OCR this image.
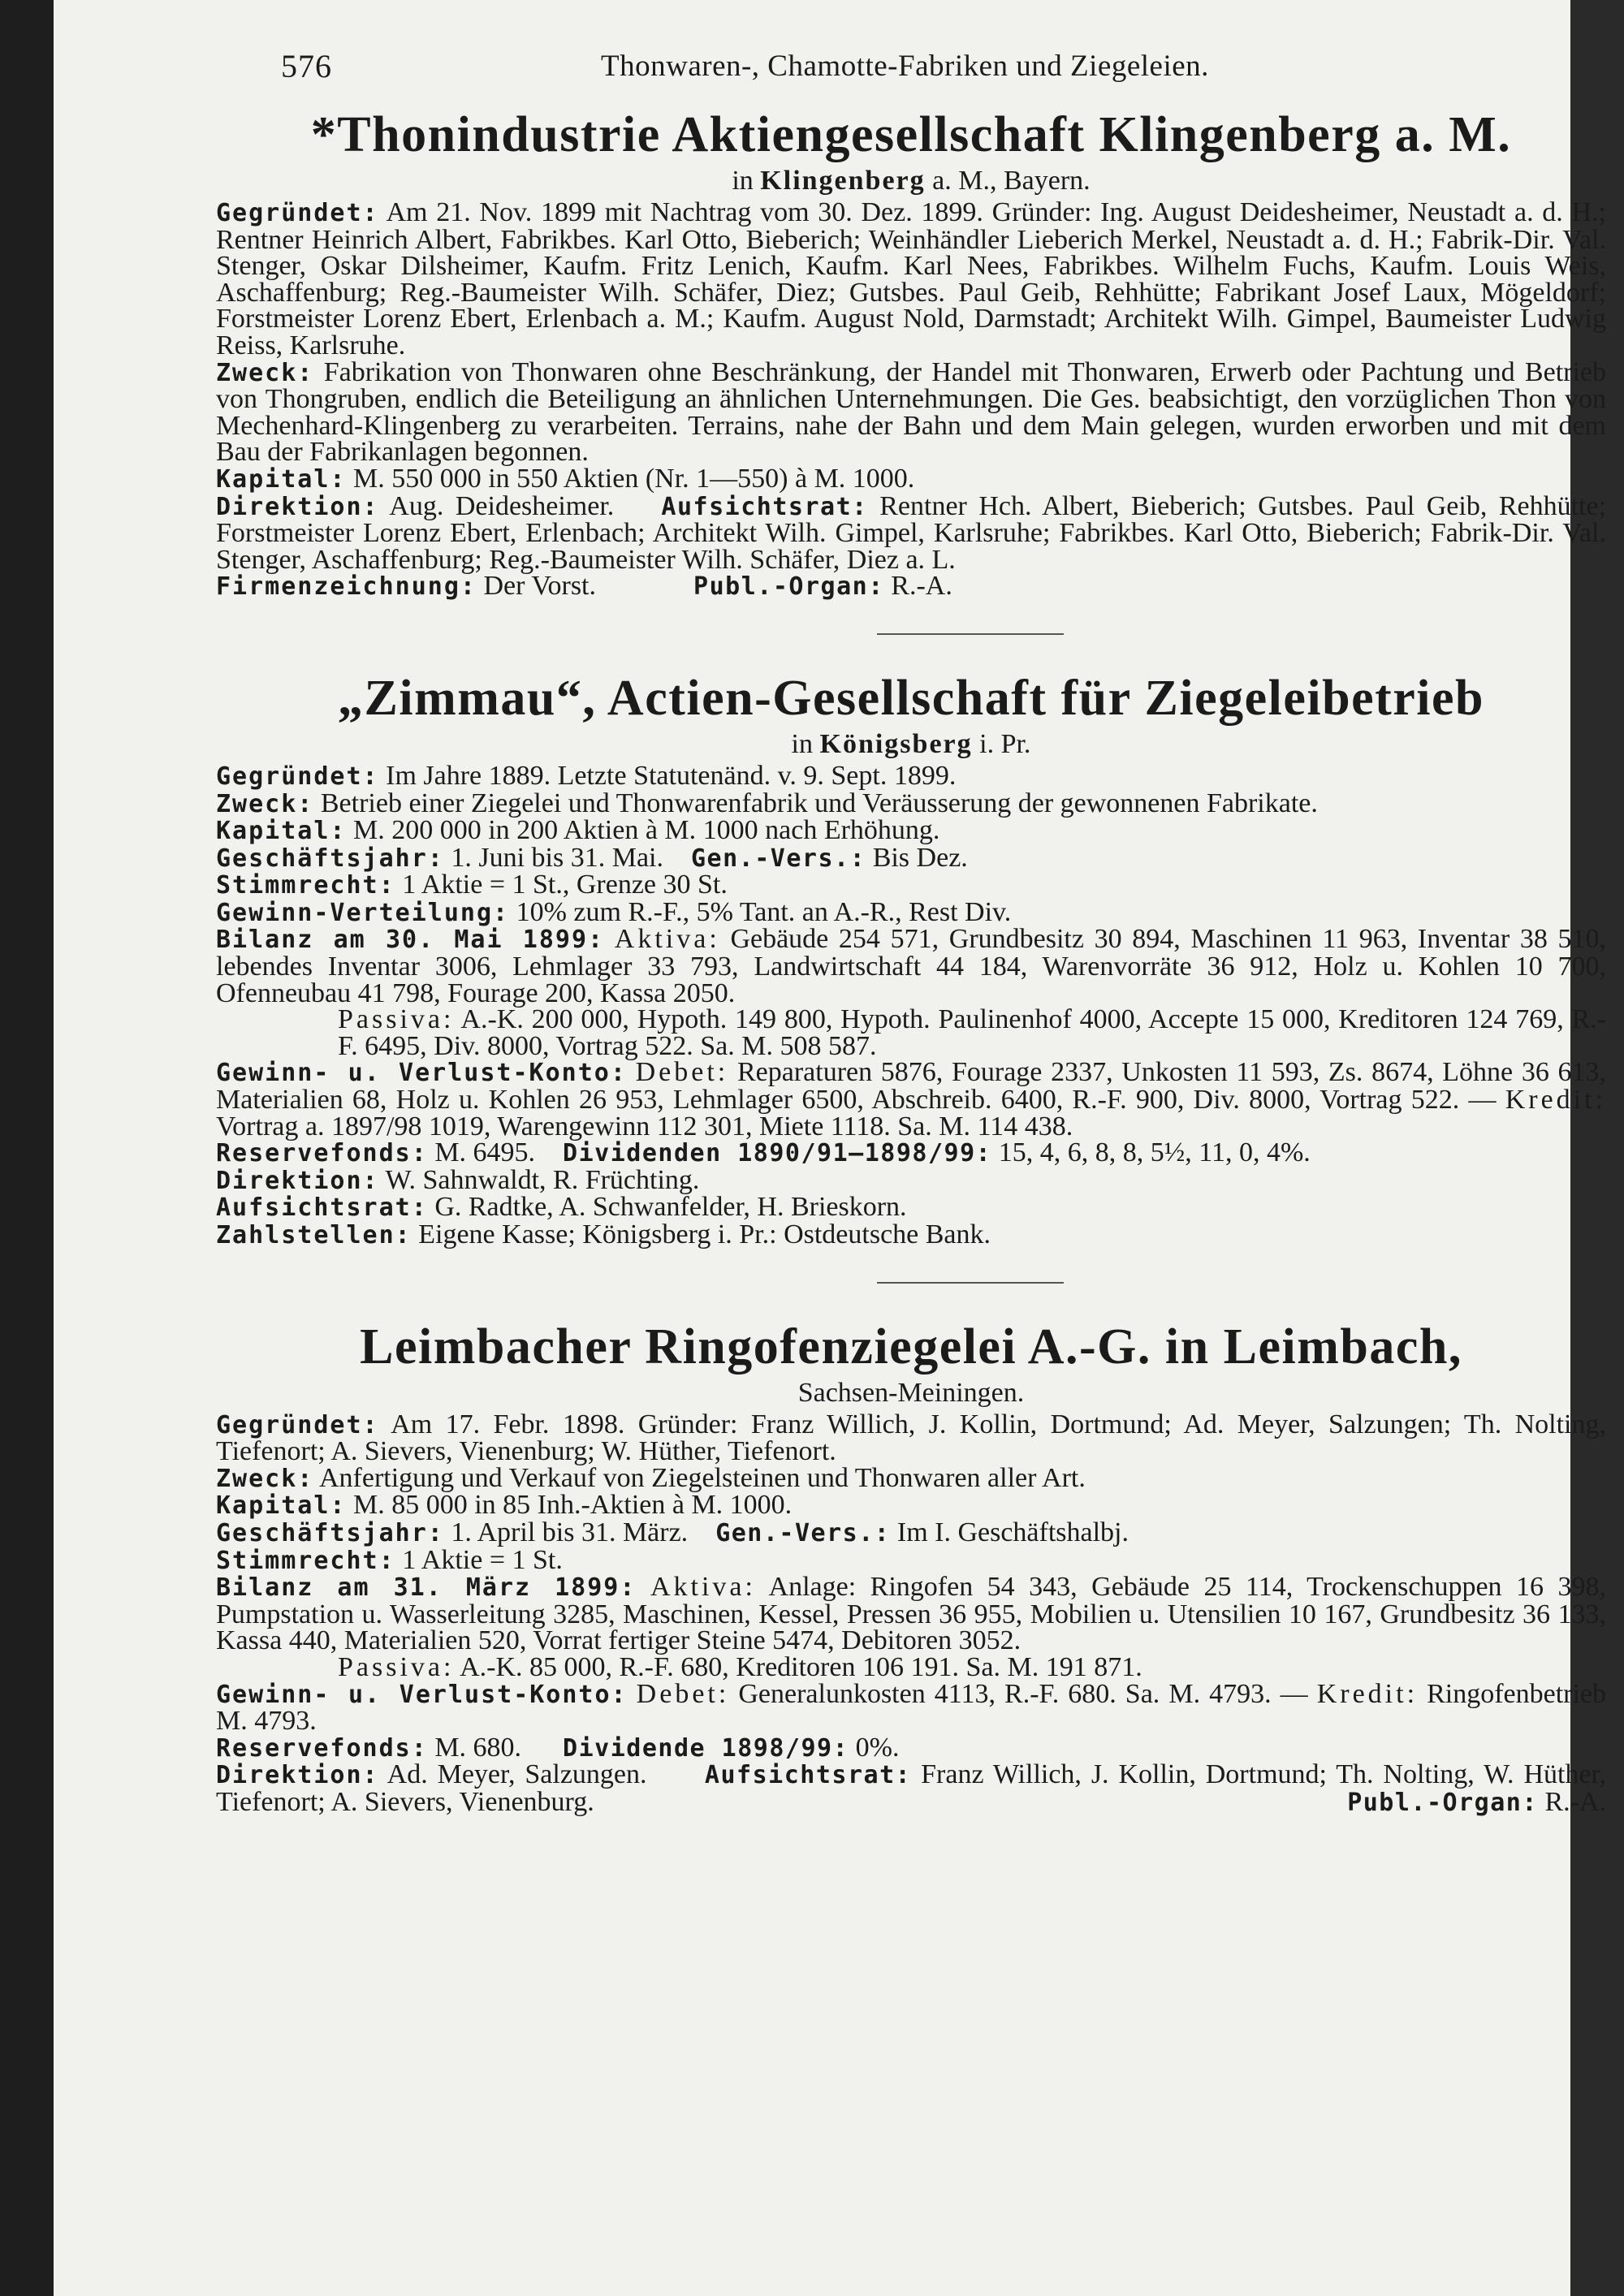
576	Thonwaren-, Chamotte-Fabriken und Ziegeleien.

*Thonindustrie Aktiengesellschaft Klingenberg a. M.

in Klingenberg a. M., Bayern.

Gegründet: Am 21. Nov. 1899 mit Nachtrag vom 30. Dez. 1899. Gründer: Ing. August Deidesheimer, Neustadt a. d. H.; Rentner Heinrich Albert, Fabrikbes. Karl Otto, Bieberich; Weinhändler Lieberich Merkel, Neustadt a. d. H.; Fabrik-Dir. Val. Stenger, Oskar Dilsheimer, Kaufm. Fritz Lenich, Kaufm. Karl Nees, Fabrikbes. Wilhelm Fuchs, Kaufm. Louis Weis, Aschaffenburg; Reg.-Baumeister Wilh. Schäfer, Diez; Gutsbes. Paul Geib, Rehhütte; Fabrikant Josef Laux, Mögeldorf; Forstmeister Lorenz Ebert, Erlenbach a. M.; Kaufm. August Nold, Darmstadt; Architekt Wilh. Gimpel, Baumeister Ludwig Reiss, Karlsruhe.

Zweck: Fabrikation von Thonwaren ohne Beschränkung, der Handel mit Thonwaren, Erwerb oder Pachtung und Betrieb von Thongruben, endlich die Beteiligung an ähnlichen Unternehmungen. Die Ges. beabsichtigt, den vorzüglichen Thon von Mechenhard-Klingenberg zu verarbeiten. Terrains, nahe der Bahn und dem Main gelegen, wurden erworben und mit dem Bau der Fabrikanlagen begonnen.

Kapital: M. 550 000 in 550 Aktien (Nr. 1—550) à M. 1000.

Direktion: Aug. Deidesheimer. Aufsichtsrat: Rentner Hch. Albert, Bieberich; Gutsbes. Paul Geib, Rehhütte; Forstmeister Lorenz Ebert, Erlenbach; Architekt Wilh. Gimpel, Karlsruhe; Fabrikbes. Karl Otto, Bieberich; Fabrik-Dir. Val. Stenger, Aschaffenburg; Reg.-Baumeister Wilh. Schäfer, Diez a. L.

Firmenzeichnung: Der Vorst.	Publ.-Organ: R.-A.

„Zimmau“, Actien-Gesellschaft für Ziegeleibetrieb

in Königsberg i. Pr.

Gegründet: Im Jahre 1889. Letzte Statutenänd. v. 9. Sept. 1899.

Zweck: Betrieb einer Ziegelei und Thonwarenfabrik und Veräusserung der gewonnenen Fabrikate.

Kapital: M. 200 000 in 200 Aktien à M. 1000 nach Erhöhung.

Geschäftsjahr: 1. Juni bis 31. Mai. Gen.-Vers.: Bis Dez.

Stimmrecht: 1 Aktie = 1 St., Grenze 30 St.

Gewinn-Verteilung: 10% zum R.-F., 5% Tant. an A.-R., Rest Div.

Bilanz am 30. Mai 1899: Aktiva: Gebäude 254 571, Grundbesitz 30 894, Maschinen 11 963, Inventar 38 510, lebendes Inventar 3006, Lehmlager 33 793, Landwirtschaft 44 184, Warenvorräte 36 912, Holz u. Kohlen 10 700, Ofenneubau 41 798, Fourage 200, Kassa 2050.

Passiva: A.-K. 200 000, Hypoth. 149 800, Hypoth. Paulinenhof 4000, Accepte 15 000, Kreditoren 124 769, R.-F. 6495, Div. 8000, Vortrag 522. Sa. M. 508 587.

Gewinn- u. Verlust-Konto: Debet: Reparaturen 5876, Fourage 2337, Unkosten 11 593, Zs. 8674, Löhne 36 613, Materialien 68, Holz u. Kohlen 26 953, Lehmlager 6500, Abschreib. 6400, R.-F. 900, Div. 8000, Vortrag 522. — Kredit: Vortrag a. 1897/98 1019, Warengewinn 112 301, Miete 1118. Sa. M. 114 438.

Reservefonds: M. 6495. Dividenden 1890/91—1898/99: 15, 4, 6, 8, 8, 5½, 11, 0, 4%.

Direktion: W. Sahnwaldt, R. Früchting.

Aufsichtsrat: G. Radtke, A. Schwanfelder, H. Brieskorn.

Zahlstellen: Eigene Kasse; Königsberg i. Pr.: Ostdeutsche Bank.

Leimbacher Ringofenziegelei A.-G. in Leimbach,

Sachsen-Meiningen.

Gegründet: Am 17. Febr. 1898. Gründer: Franz Willich, J. Kollin, Dortmund; Ad. Meyer, Salzungen; Th. Nolting, Tiefenort; A. Sievers, Vienenburg; W. Hüther, Tiefenort.

Zweck: Anfertigung und Verkauf von Ziegelsteinen und Thonwaren aller Art.

Kapital: M. 85 000 in 85 Inh.-Aktien à M. 1000.

Geschäftsjahr: 1. April bis 31. März. Gen.-Vers.: Im I. Geschäftshalbj.

Stimmrecht: 1 Aktie = 1 St.

Bilanz am 31. März 1899: Aktiva: Anlage: Ringofen 54 343, Gebäude 25 114, Trockenschuppen 16 398, Pumpstation u. Wasserleitung 3285, Maschinen, Kessel, Pressen 36 955, Mobilien u. Utensilien 10 167, Grundbesitz 36 133, Kassa 440, Materialien 520, Vorrat fertiger Steine 5474, Debitoren 3052.

Passiva: A.-K. 85 000, R.-F. 680, Kreditoren 106 191. Sa. M. 191 871.

Gewinn- u. Verlust-Konto: Debet: Generalunkosten 4113, R.-F. 680. Sa. M. 4793. — Kredit: Ringofenbetrieb M. 4793.

Reservefonds: M. 680. Dividende 1898/99: 0%.

Direktion: Ad. Meyer, Salzungen. Aufsichtsrat: Franz Willich, J. Kollin, Dortmund; Th. Nolting, W. Hüther, Tiefenort; A. Sievers, Vienenburg.	Publ.-Organ: R.-A.
